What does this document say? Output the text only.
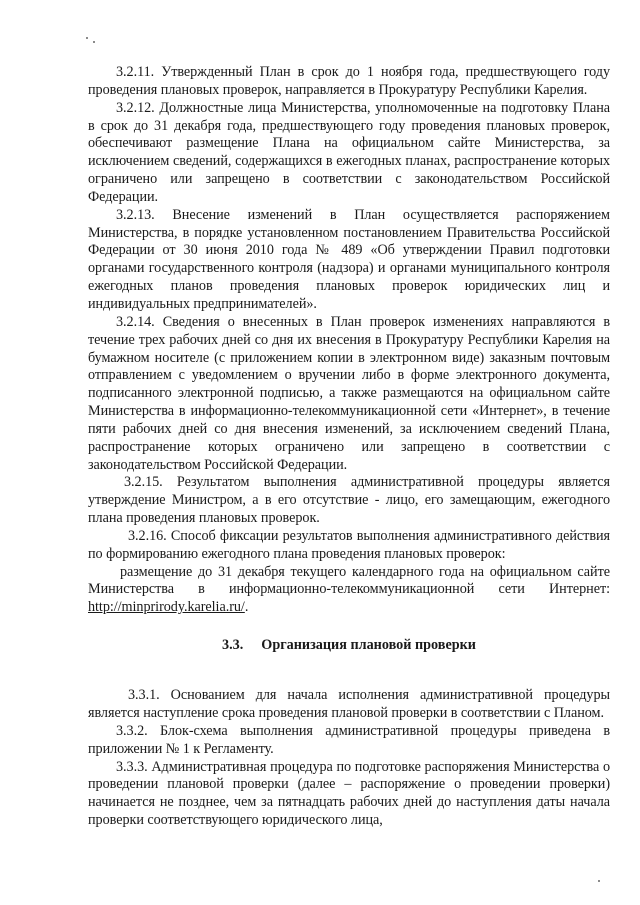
3.2.11. Утвержденный План в срок до 1 ноября года, предшествующего году проведения плановых проверок, направляется в Прокуратуру Республики Карелия.

3.2.12. Должностные лица Министерства, уполномоченные на подготовку Плана в срок до 31 декабря года, предшествующего году проведения плановых проверок, обеспечивают размещение Плана на официальном сайте Министерства, за исключением сведений, содержащихся в ежегодных планах, распространение которых ограничено или запрещено в соответствии с законодательством Российской Федерации.

3.2.13. Внесение изменений в План осуществляется распоряжением Министерства, в порядке установленном постановлением Правительства Российской Федерации от 30 июня 2010 года № 489 «Об утверждении Правил подготовки органами государственного контроля (надзора) и органами муниципального контроля ежегодных планов проведения плановых проверок юридических лиц и индивидуальных предпринимателей».

3.2.14. Сведения о внесенных в План проверок изменениях направляются в течение трех рабочих дней со дня их внесения в Прокуратуру Республики Карелия на бумажном носителе (с приложением копии в электронном виде) заказным почтовым отправлением с уведомлением о вручении либо в форме электронного документа, подписанного электронной подписью, а также размещаются на официальном сайте Министерства в информационно-телекоммуникационной сети «Интернет», в течение пяти рабочих дней со дня внесения изменений, за исключением сведений Плана, распространение которых ограничено или запрещено в соответствии с законодательством Российской Федерации.

3.2.15. Результатом выполнения административной процедуры является утверждение Министром, а в его отсутствие - лицо, его замещающим, ежегодного плана проведения плановых проверок.

3.2.16. Способ фиксации результатов выполнения административного действия по формированию ежегодного плана проведения плановых проверок:

размещение до 31 декабря текущего календарного года на официальном сайте Министерства в информационно-телекоммуникационной сети Интернет: http://minprirody.karelia.ru/.

3.3. Организация плановой проверки

3.3.1. Основанием для начала исполнения административной процедуры является наступление срока проведения плановой проверки в соответствии с Планом.

3.3.2. Блок-схема выполнения административной процедуры приведена в приложении № 1 к Регламенту.

3.3.3. Административная процедура по подготовке распоряжения Министерства о проведении плановой проверки (далее – распоряжение о проведении проверки) начинается не позднее, чем за пятнадцать рабочих дней до наступления даты начала проверки соответствующего юридического лица,
